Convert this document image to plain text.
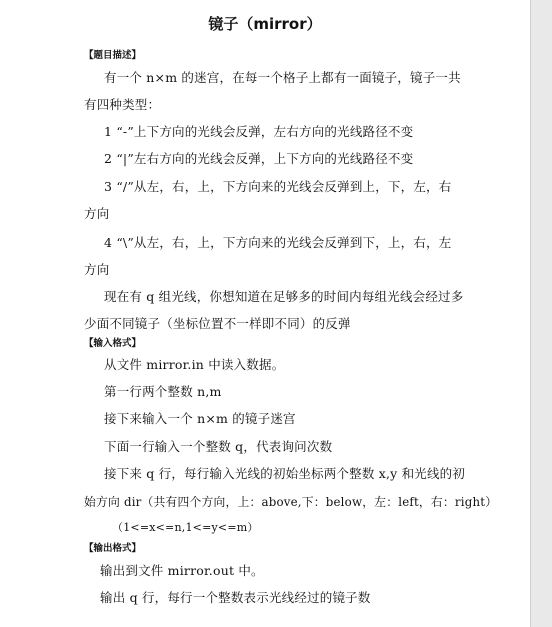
镜子（mirror）
【题目描述】
有一个 n×m 的迷宫，在每一个格子上都有一面镜子，镜子一共
有四种类型：
1 “-”上下方向的光线会反弹，左右方向的光线路径不变
2 “|”左右方向的光线会反弹，上下方向的光线路径不变
3 “/”从左，右，上，下方向来的光线会反弹到上，下，左，右
方向
4 “\”从左，右，上，下方向来的光线会反弹到下，上，右，左
方向
现在有 q 组光线，你想知道在足够多的时间内每组光线会经过多
少面不同镜子（坐标位置不一样即不同）的反弹
【输入格式】
从文件 mirror.in 中读入数据。
第一行两个整数 n,m
接下来输入一个 n×m 的镜子迷宫
下面一行输入一个整数 q，代表询问次数
接下来 q 行，每行输入光线的初始坐标两个整数 x,y 和光线的初
始方向 dir（共有四个方向，上：above,下：below，左：left，右：right）
（1<=x<=n,1<=y<=m）
【输出格式】
输出到文件 mirror.out 中。
输出 q 行，每行一个整数表示光线经过的镜子数
